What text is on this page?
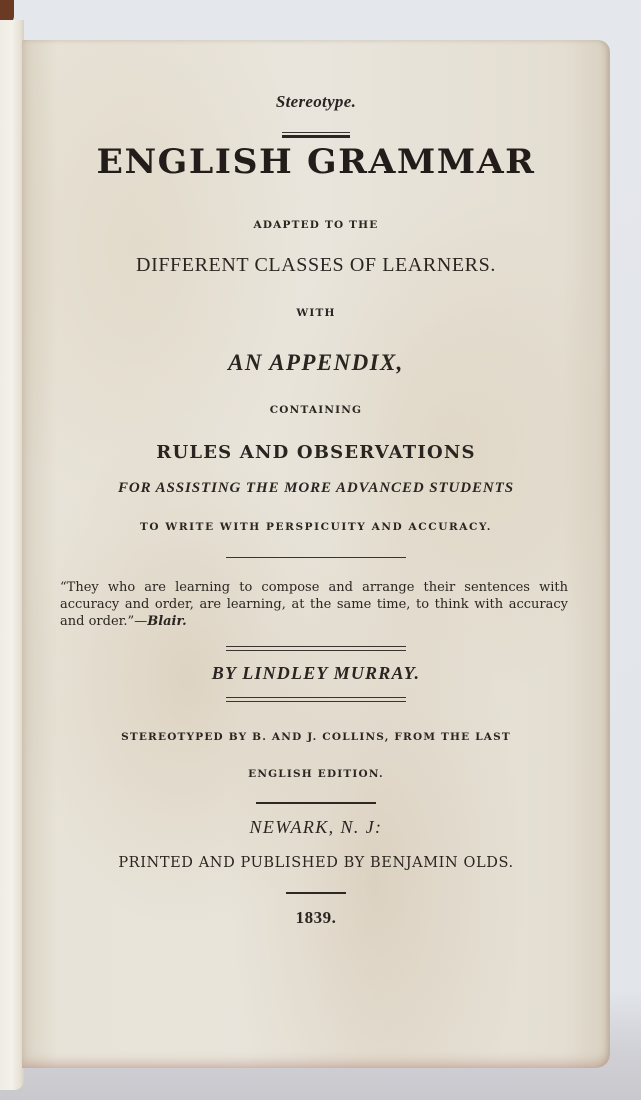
Stereotype.
ENGLISH GRAMMAR
ADAPTED TO THE
DIFFERENT CLASSES OF LEARNERS.
WITH
AN APPENDIX,
CONTAINING
RULES AND OBSERVATIONS
FOR ASSISTING THE MORE ADVANCED STUDENTS
TO WRITE WITH PERSPICUITY AND ACCURACY.
“They who are learning to compose and arrange their sentences with accuracy and order, are learning, at the same time, to think with accuracy and order.”—Blair.
BY LINDLEY MURRAY.
STEREOTYPED BY B. AND J. COLLINS, FROM THE LAST
ENGLISH EDITION.
NEWARK, N. J:
PRINTED AND PUBLISHED BY BENJAMIN OLDS.
1839.
